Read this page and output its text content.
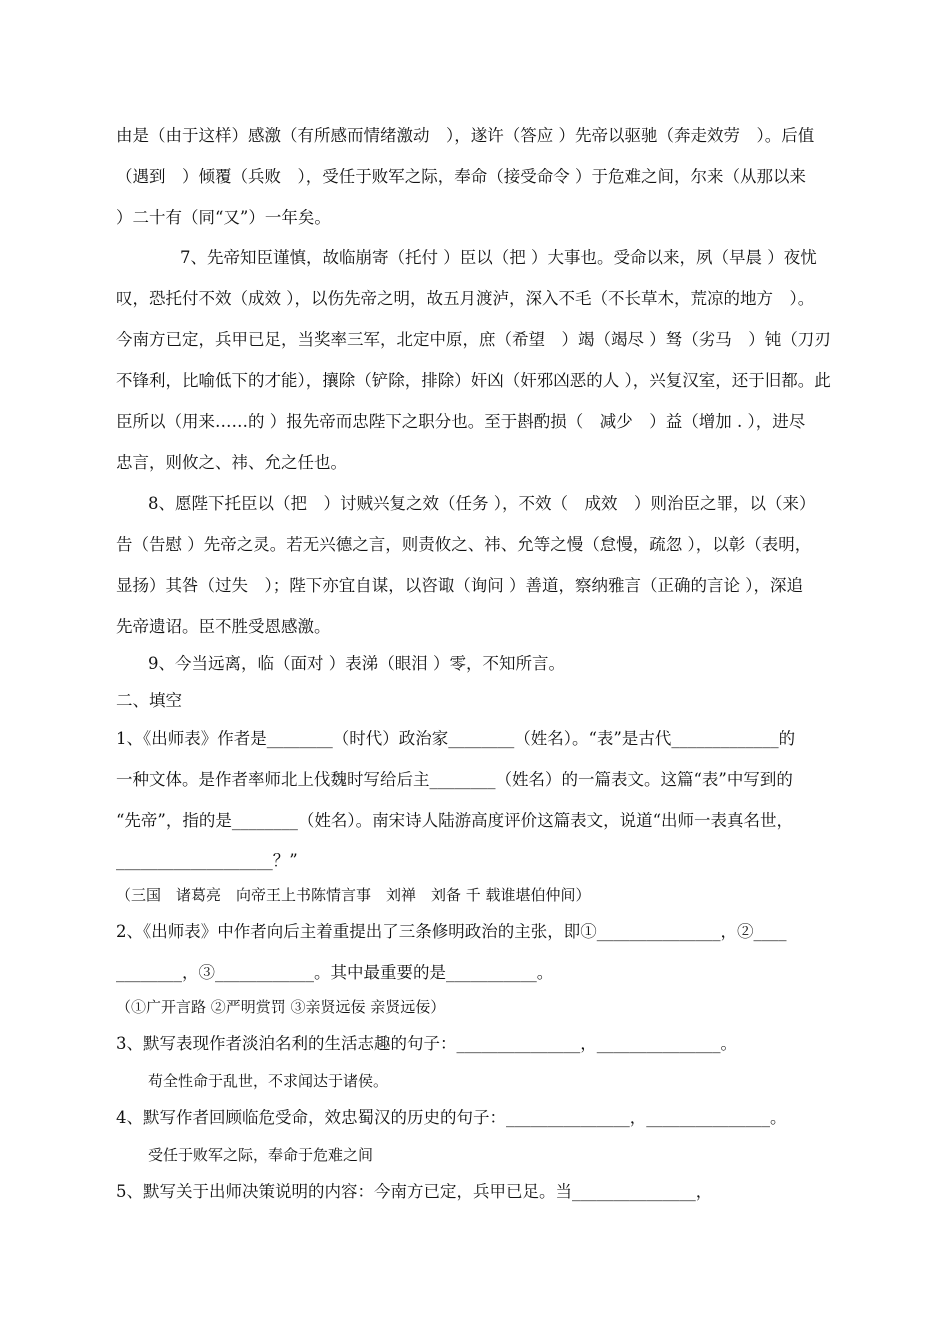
由是（由于这样）感激（有所感而情绪激动　），遂许（答应 ）先帝以驱驰（奔走效劳　）。后值
（遇到　）倾覆（兵败　），受任于败军之际，奉命（接受命令 ）于危难之间，尔来（从那以来
）二十有（同“又”）一年矣。
7、先帝知臣谨慎，故临崩寄（托付 ）臣以（把 ）大事也。受命以来，夙（早晨 ）夜忧
叹，恐托付不效（成效 ），以伤先帝之明，故五月渡泸，深入不毛（不长草木，荒凉的地方　）。
今南方已定，兵甲已足，当奖率三军，北定中原，庶（希望　）竭（竭尽 ）驽（劣马　）钝（刀刃
不锋利，比喻低下的才能），攘除（铲除，排除）奸凶（奸邪凶恶的人 ），兴复汉室，还于旧都。此
臣所以（用来……的 ）报先帝而忠陛下之职分也。至于斟酌损（　减少　）益（增加 . ），进尽
忠言，则攸之、祎、允之任也。
8、愿陛下托臣以（把　）讨贼兴复之效（任务 ），不效（　成效　）则治臣之罪，以（来）
告（告慰 ）先帝之灵。若无兴德之言，则责攸之、祎、允等之慢（怠慢，疏忽 ），以彰（表明，
显扬）其咎（过失　）；陛下亦宜自谋，以咨诹（询问 ）善道，察纳雅言（正确的言论 ），深追
先帝遗诏。臣不胜受恩感激。
9、今当远离，临（面对 ）表涕（眼泪 ）零，不知所言。
二、填空
1、《出师表》作者是________（时代）政治家________（姓名）。“表”是古代_____________的
一种文体。是作者率师北上伐魏时写给后主________（姓名）的一篇表文。这篇“表”中写到的
“先帝”，指的是________（姓名）。南宋诗人陆游高度评价这篇表文，说道“出师一表真名世，
___________________？”
（三国　诸葛亮　向帝王上书陈情言事　刘禅　刘备 千 载谁堪伯仲间）
2、《出师表》中作者向后主着重提出了三条修明政治的主张，即①_______________，②____
________，③____________。其中最重要的是___________。
（①广开言路 ②严明赏罚 ③亲贤远佞 亲贤远佞）
3、默写表现作者淡泊名利的生活志趣的句子：_______________，_______________。
苟全性命于乱世，不求闻达于诸侯。
4、默写作者回顾临危受命，效忠蜀汉的历史的句子：_______________，_______________。
受任于败军之际，奉命于危难之间
5、默写关于出师决策说明的内容：今南方已定，兵甲已足。当_______________，
